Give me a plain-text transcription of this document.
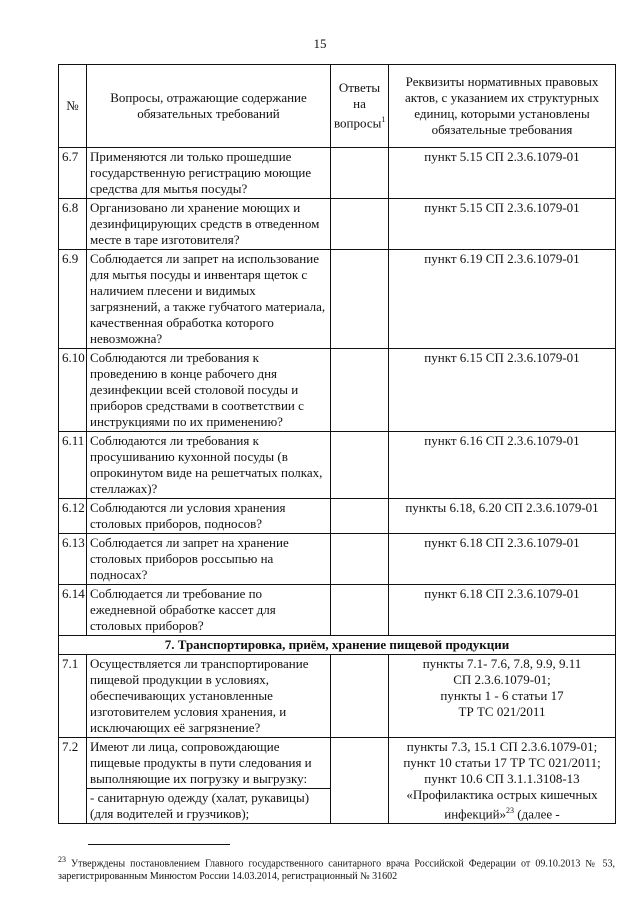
15
№	Вопросы, отражающие содержание обязательных требований	Ответы на вопросы$^1$	Реквизиты нормативных правовых актов, с указанием их структурных единиц, которыми установлены обязательные требования
6.7	Применяются ли только прошедшие государственную регистрацию моющие средства для мытья посуды?		пункт 5.15 СП 2.3.6.1079-01
6.8	Организовано ли хранение моющих и дезинфицирующих средств в отведенном месте в таре изготовителя?		пункт 5.15 СП 2.3.6.1079-01
6.9	Соблюдается ли запрет на использование для мытья посуды и инвентаря щеток с наличием плесени и видимых загрязнений, а также губчатого материала, качественная обработка которого невозможна?		пункт 6.19 СП 2.3.6.1079-01
6.10	Соблюдаются ли требования к проведению в конце рабочего дня дезинфекции всей столовой посуды и приборов средствами в соответствии с инструкциями по их применению?		пункт 6.15 СП 2.3.6.1079-01
6.11	Соблюдаются ли требования к просушиванию кухонной посуды (в опрокинутом виде на решетчатых полках, стеллажах)?		пункт 6.16 СП 2.3.6.1079-01
6.12	Соблюдаются ли условия хранения столовых приборов, подносов?		пункты 6.18, 6.20 СП 2.3.6.1079-01
6.13	Соблюдается ли запрет на хранение столовых приборов россыпью на подносах?		пункт 6.18 СП 2.3.6.1079-01
6.14	Соблюдается ли требование по ежедневной обработке кассет для столовых приборов?		пункт 6.18 СП 2.3.6.1079-01
7. Транспортировка, приём, хранение пищевой продукции			
7.1	Осуществляется ли транспортирование пищевой продукции в условиях, обеспечивающих установленные изготовителем условия хранения, и исключающих её загрязнение?		пункты 7.1- 7.6, 7.8, 9.9, 9.11
СП 2.3.6.1079-01;
пункты 1 - 6 статьи 17
ТР ТС 021/2011

7.2	Имеют ли лица, сопровождающие пищевые продукты в пути следования и выполняющие их погрузку и выгрузку:		пункты 7.3, 15.1 СП 2.3.6.1079-01;
пункт 10 статьи 17 ТР ТС 021/2011;
пункт 10.6 СП 3.1.1.3108-13
«Профилактика острых кишечных
инфекций»$^{23}$ (далее -

	- санитарную одежду (халат, рукавицы) (для водителей и грузчиков);		
$^{23}$ Утверждены постановлением Главного государственного санитарного врача Российской Федерации от 09.10.2013 № 53, зарегистрированным Минюстом России 14.03.2014, регистрационный № 31602
